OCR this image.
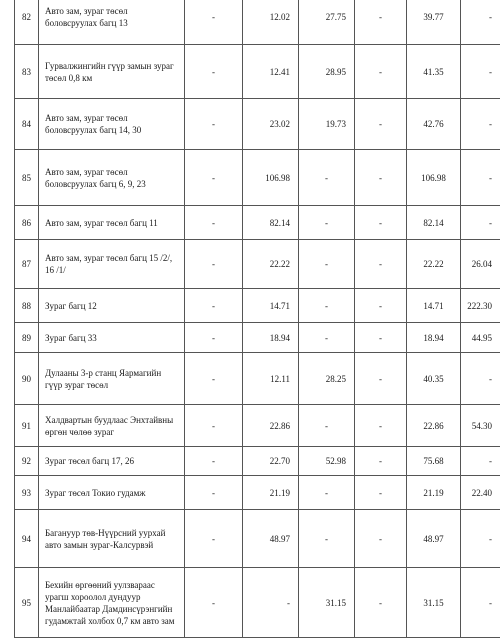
82	Авто зам, зураг төсөл боловсруулах багц 13	-	12.02	27.75	-	39.77	-
83	Гурвалжингийн гүүр замын зураг төсөл 0,8 км	-	12.41	28.95	-	41.35	-
84	Авто зам, зураг төсөл боловсруулах багц 14, 30	-	23.02	19.73	-	42.76	-
85	Авто зам, зураг төсөл боловсруулах багц 6, 9, 23	-	106.98	-	-	106.98	-
86	Авто зам, зураг төсөл багц 11	-	82.14	-	-	82.14	-
87	Авто зам, зураг төсөл багц 15 /2/, 16 /1/	-	22.22	-	-	22.22	26.04
88	Зураг багц 12	-	14.71	-	-	14.71	222.30
89	Зураг багц 33	-	18.94	-	-	18.94	44.95
90	Дулааны 3-р станц Яармагийн гүүр зураг төсөл	-	12.11	28.25	-	40.35	-
91	Халдвартын буудлаас Энхтайвны өргөн чөлөө зураг	-	22.86	-	-	22.86	54.30
92	Зураг төсөл багц 17, 26	-	22.70	52.98	-	75.68	-
93	Зураг төсөл Токио гудамж	-	21.19	-	-	21.19	22.40
94	Багануур төв-Нүүрсний уурхай авто замын зураг-Калсурвэй	-	48.97	-	-	48.97	-
95	Бехийн өргөөний уулзвараас урагш хороолол дундуур Манлайбаатар Дамдинсүрэнгийн гудамжтай холбох 0,7 км авто зам	-	-	31.15	-	31.15	-
